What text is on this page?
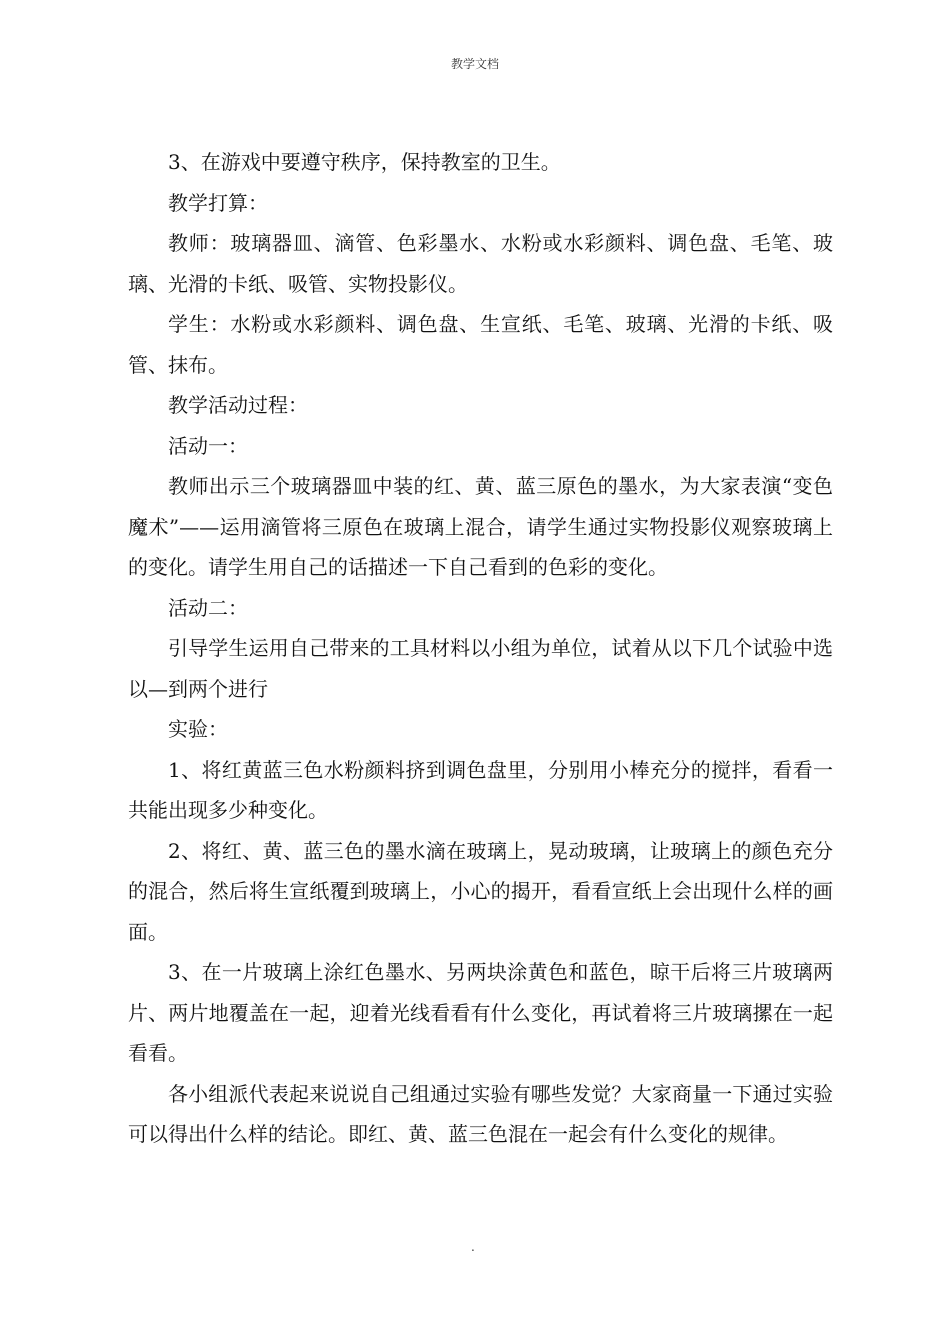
教学文档

3、在游戏中要遵守秩序，保持教室的卫生。

教学打算：

教师：玻璃器皿、滴管、色彩墨水、水粉或水彩颜料、调色盘、毛笔、玻璃、光滑的卡纸、吸管、实物投影仪。

学生：水粉或水彩颜料、调色盘、生宣纸、毛笔、玻璃、光滑的卡纸、吸管、抹布。

教学活动过程：

活动一：

教师出示三个玻璃器皿中装的红、黄、蓝三原色的墨水，为大家表演“变色魔术”——运用滴管将三原色在玻璃上混合，请学生通过实物投影仪观察玻璃上的变化。请学生用自己的话描述一下自己看到的色彩的变化。

活动二：

引导学生运用自己带来的工具材料以小组为单位，试着从以下几个试验中选以—到两个进行

实验：

1、将红黄蓝三色水粉颜料挤到调色盘里，分别用小棒充分的搅拌，看看一共能出现多少种变化。

2、将红、黄、蓝三色的墨水滴在玻璃上，晃动玻璃，让玻璃上的颜色充分的混合，然后将生宣纸覆到玻璃上，小心的揭开，看看宣纸上会出现什么样的画面。

3、在一片玻璃上涂红色墨水、另两块涂黄色和蓝色，晾干后将三片玻璃两片、两片地覆盖在一起，迎着光线看看有什么变化，再试着将三片玻璃摞在一起看看。

各小组派代表起来说说自己组通过实验有哪些发觉？大家商量一下通过实验可以得出什么样的结论。即红、黄、蓝三色混在一起会有什么变化的规律。

.
